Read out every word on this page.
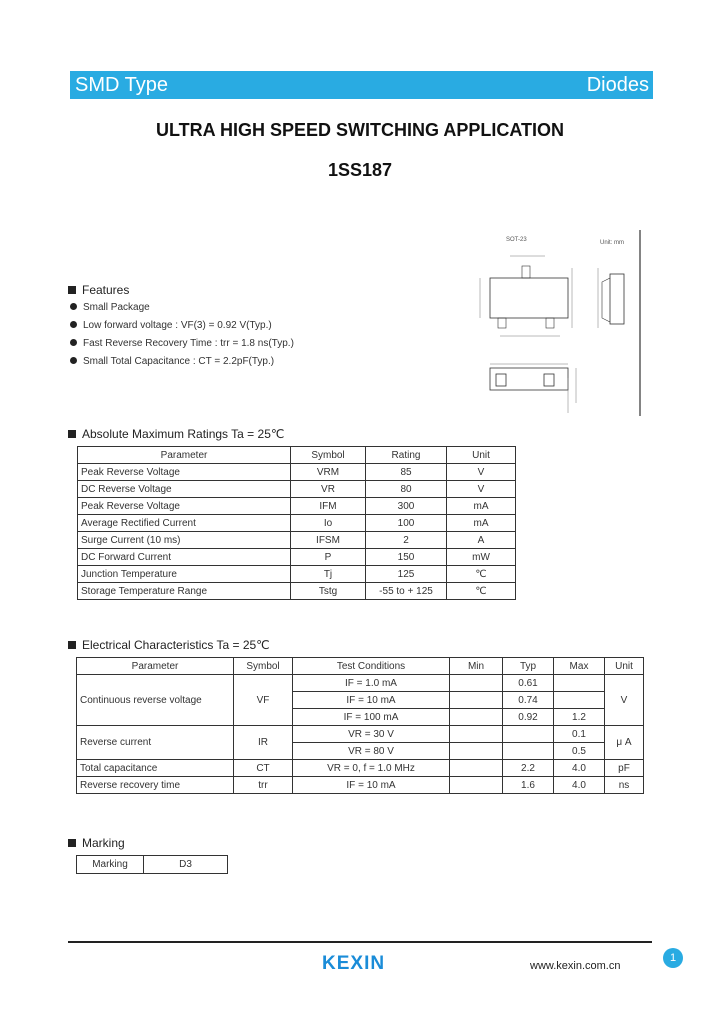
SMD Type	Diodes
ULTRA HIGH SPEED SWITCHING APPLICATION
1SS187
SOT-23	Unit: mm
Features
Small Package
Low forward voltage : VF(3) = 0.92 V(Typ.)
Fast Reverse Recovery Time : trr = 1.8 ns(Typ.)
Small Total Capacitance : CT = 2.2pF(Typ.)
Absolute Maximum Ratings Ta = 25℃
Parameter	Symbol	Rating	Unit
Peak Reverse Voltage	VRM	85	V
DC Reverse Voltage	VR	80	V
Peak Reverse Voltage	IFM	300	mA
Average Rectified Current	Io	100	mA
Surge Current (10 ms)	IFSM	2	A
DC Forward Current	P	150	mW
Junction Temperature	Tj	125	℃
Storage Temperature Range	Tstg	-55 to + 125	℃
Electrical Characteristics Ta = 25℃
Parameter	Symbol	Test Conditions	Min	Typ	Max	Unit
Continuous reverse voltage	VF	IF = 1.0 mA		0.61		V
		IF = 10 mA		0.74		
		IF = 100 mA		0.92	1.2	
Reverse current	IR	VR = 30 V			0.1	μ A
		VR = 80 V			0.5	
Total capacitance	CT	VR = 0, f = 1.0 MHz		2.2	4.0	pF
Reverse recovery time	trr	IF = 10 mA		1.6	4.0	ns
Marking
Marking	D3
KEXIN	www.kexin.com.cn
1
